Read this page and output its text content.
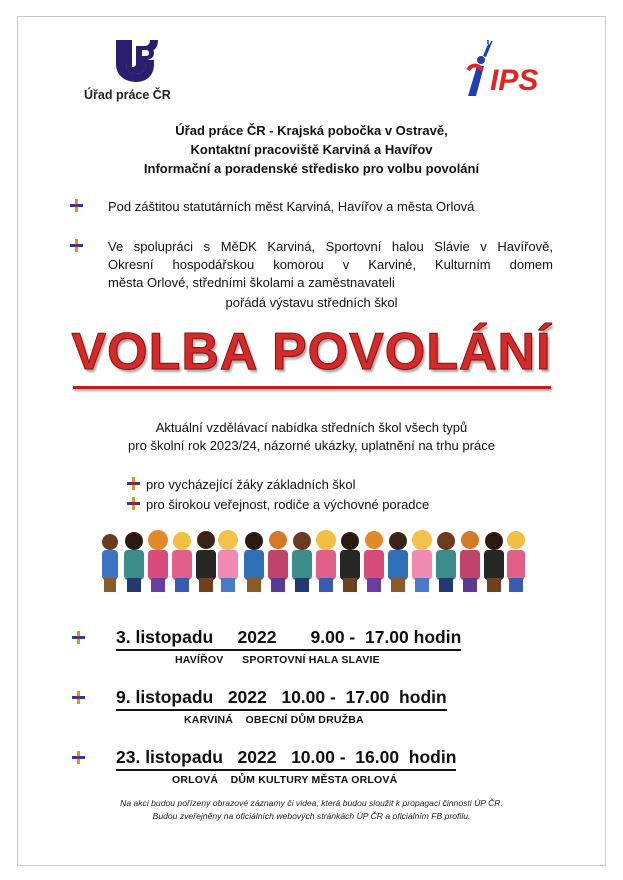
Úřad práce ČR	IPS
Úřad práce ČR - Krajská pobočka v Ostravě,
Kontaktní pracoviště Karviná a Havířov
Informační a poradenské středisko pro volbu povolání
Pod záštitou statutárních měst Karviná, Havířov a města Orlová
Ve spolupráci s MěDK Karviná, Sportovní halou Slávie v Havířově,
Okresní hospodářskou komorou v Karviné, Kulturním domem
města Orlové, středními školami a zaměstnavateli
pořádá výstavu středních škol
VOLBA POVOLÁNÍ
Aktuální vzdělávací nabídka středních škol všech typů
pro školní rok 2023/24, názorné ukázky, uplatnění na trhu práce
pro vycházející žáky základních škol
pro širokou veřejnost, rodiče a výchovné poradce
3. listopadu     2022       9.00 -  17.00 hodin
HAVÍŘOV      SPORTOVNÍ HALA SLAVIE
9. listopadu   2022   10.00 -  17.00  hodin
KARVINÁ    OBECNÍ DŮM DRUŽBA
23. listopadu   2022   10.00 -  16.00  hodin
ORLOVÁ    DŮM KULTURY MĚSTA ORLOVÁ
Na akci budou pořízeny obrazové záznamy či videa, která budou sloužit k propagaci činnosti ÚP ČR.
Budou zveřejněny na oficiálních webových stránkách ÚP ČR a oficiálním FB profilu.
